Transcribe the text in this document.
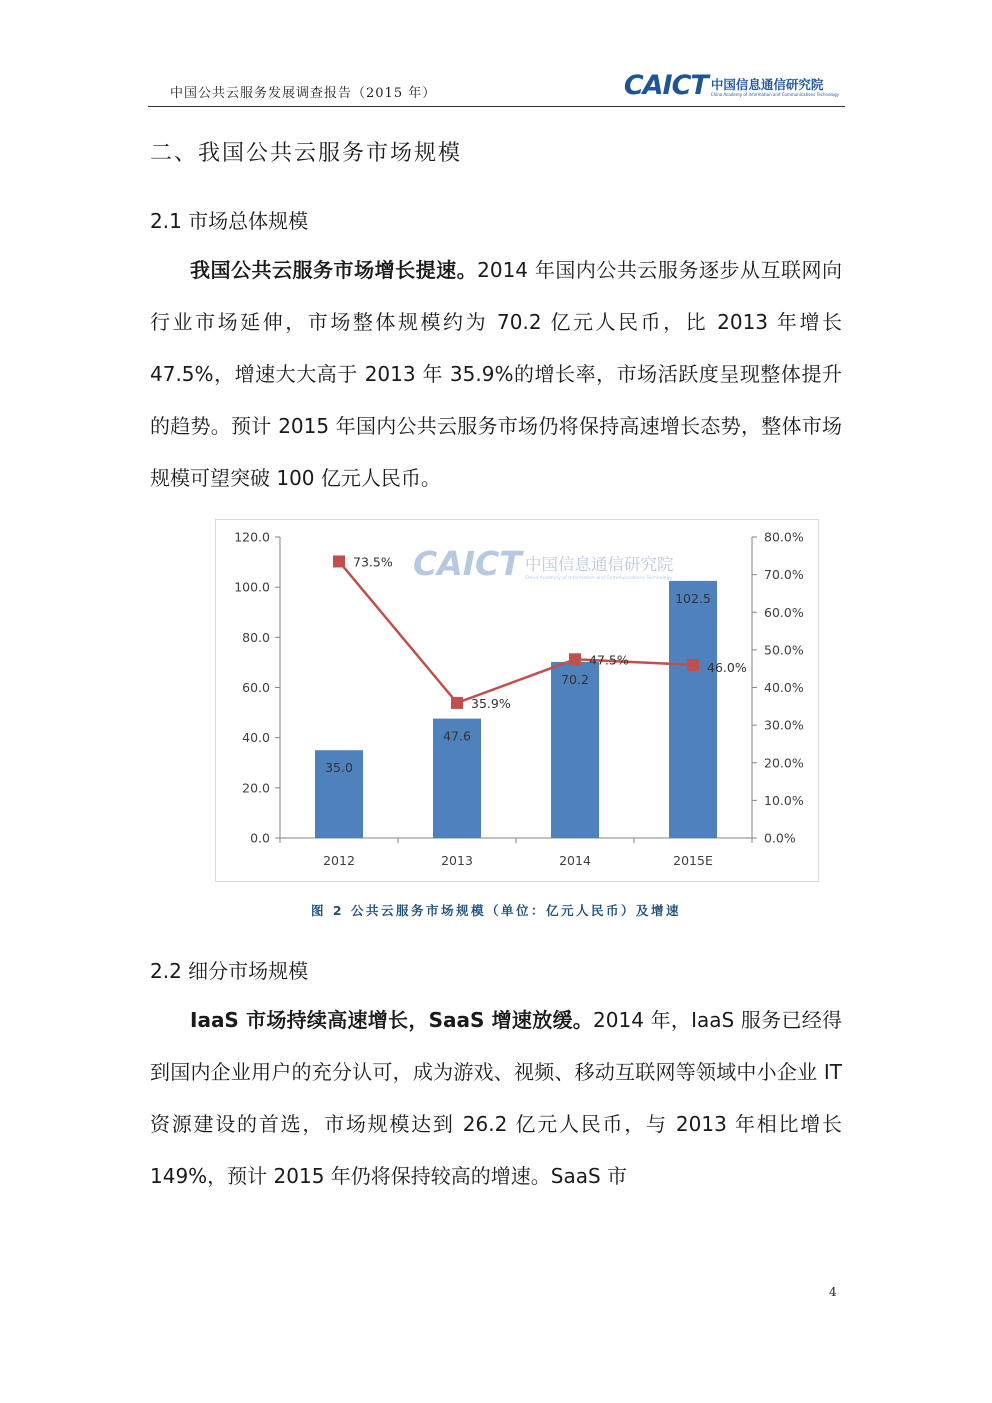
中国公共云服务发展调查报告（2015 年）	CAICT 中国信息通信研究院
China Academy of Information and Communications Technology
二、我国公共云服务市场规模
2.1 市场总体规模

我国公共云服务市场增长提速。2014 年国内公共云服务逐步从互联网向行业市场延伸，市场整体规模约为 70.2 亿元人民币，比 2013 年增长 47.5%，增速大大高于 2013 年 35.9%的增长率，市场活跃度呈现整体提升的趋势。预计 2015 年国内公共云服务市场仍将保持高速增长态势，整体市场规模可望突破 100 亿元人民币。

CAICT 中国信息通信研究院
China Academy of Information and Communications Technology
0.0
20.0
40.0
60.0
80.0
100.0
120.0
0.0%
10.0%
20.0%
30.0%
40.0%
50.0%
60.0%
70.0%
80.0%
2012	2013	2014	2015E
35.0
47.6
70.2
102.5
73.5%
35.9%
47.5%
46.0%
图 2 公共云服务市场规模（单位：亿元人民币）及增速
2.2 细分市场规模

IaaS 市场持续高速增长，SaaS 增速放缓。2014 年，IaaS 服务已经得到国内企业用户的充分认可，成为游戏、视频、移动互联网等领域中小企业 IT 资源建设的首选，市场规模达到 26.2 亿元人民币，与 2013 年相比增长 149%，预计 2015 年仍将保持较高的增速。SaaS 市

4
